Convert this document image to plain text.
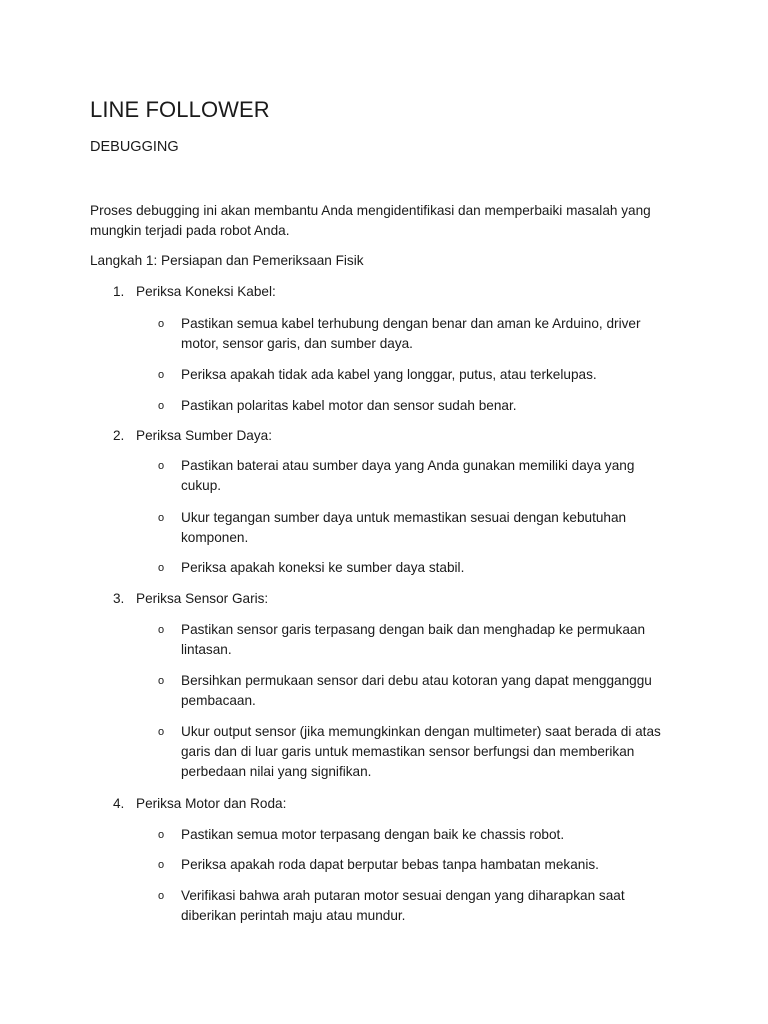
LINE FOLLOWER
DEBUGGING

Proses debugging ini akan membantu Anda mengidentifikasi dan memperbaiki masalah yang mungkin terjadi pada robot Anda.

Langkah 1: Persiapan dan Pemeriksaan Fisik
1. Periksa Koneksi Kabel:
o Pastikan semua kabel terhubung dengan benar dan aman ke Arduino, driver motor, sensor garis, dan sumber daya.
o Periksa apakah tidak ada kabel yang longgar, putus, atau terkelupas.
o Pastikan polaritas kabel motor dan sensor sudah benar.
2. Periksa Sumber Daya:
o Pastikan baterai atau sumber daya yang Anda gunakan memiliki daya yang cukup.
o Ukur tegangan sumber daya untuk memastikan sesuai dengan kebutuhan komponen.
o Periksa apakah koneksi ke sumber daya stabil.
3. Periksa Sensor Garis:
o Pastikan sensor garis terpasang dengan baik dan menghadap ke permukaan lintasan.
o Bersihkan permukaan sensor dari debu atau kotoran yang dapat mengganggu pembacaan.
o Ukur output sensor (jika memungkinkan dengan multimeter) saat berada di atas garis dan di luar garis untuk memastikan sensor berfungsi dan memberikan perbedaan nilai yang signifikan.
4. Periksa Motor dan Roda:
o Pastikan semua motor terpasang dengan baik ke chassis robot.
o Periksa apakah roda dapat berputar bebas tanpa hambatan mekanis.
o Verifikasi bahwa arah putaran motor sesuai dengan yang diharapkan saat diberikan perintah maju atau mundur.
